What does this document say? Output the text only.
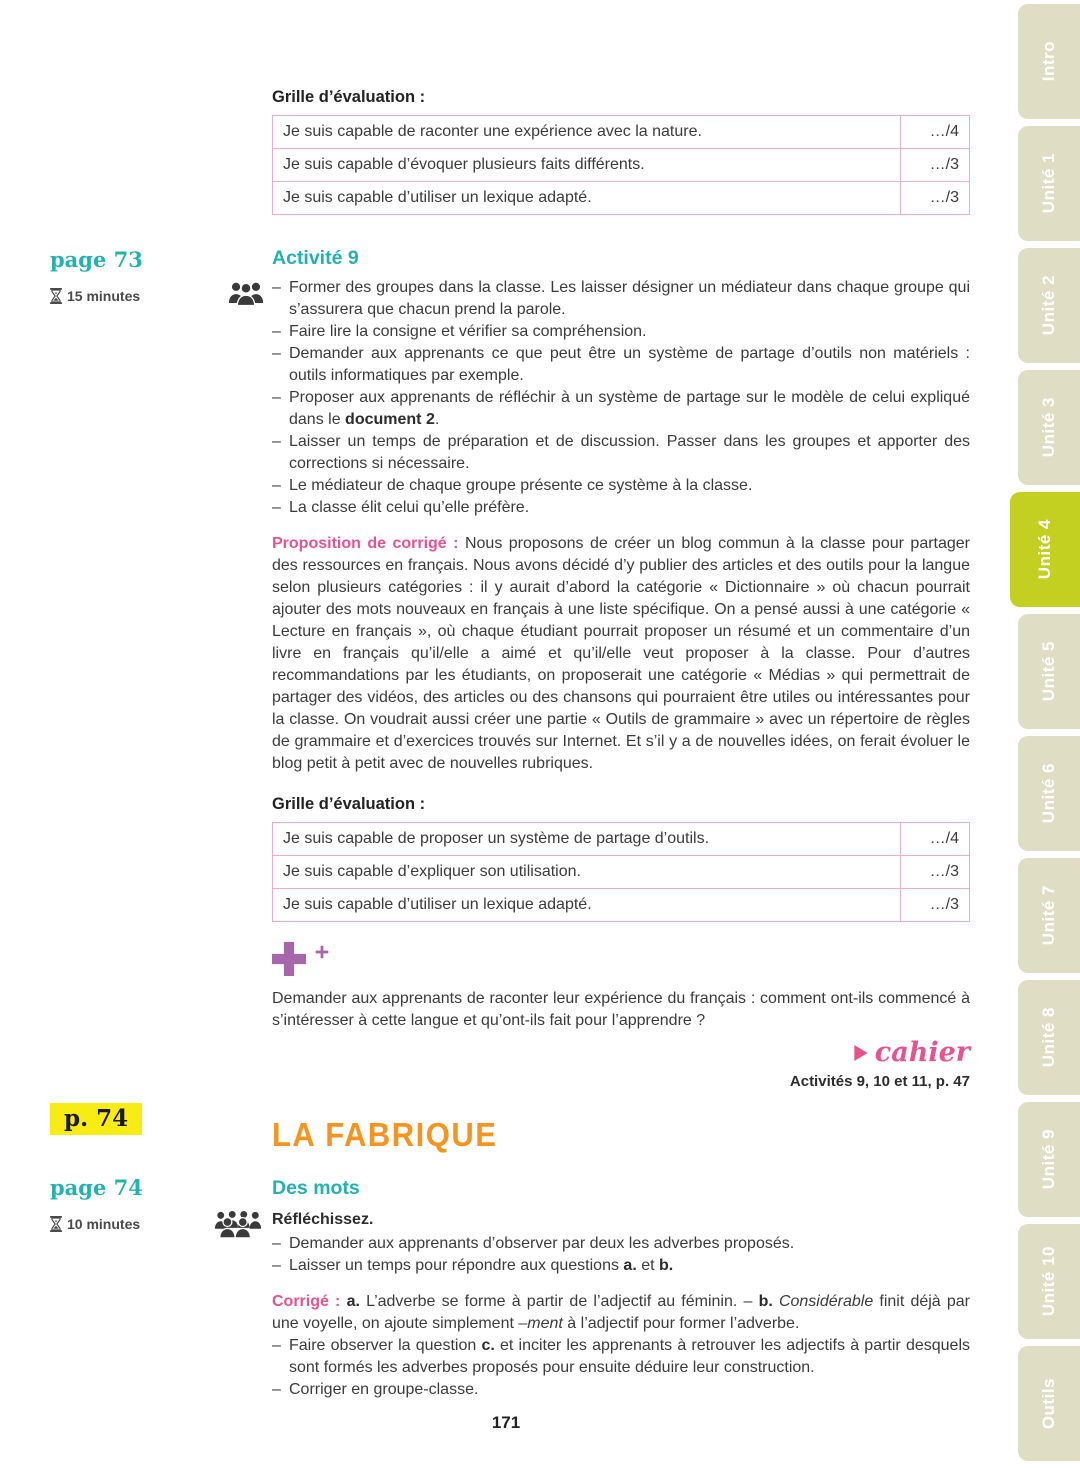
Intro
Unité 1
Unité 2
Unité 3
Unité 4
Unité 5
Unité 6
Unité 7
Unité 8
Unité 9
Unité 10
Outils
Grille d’évaluation :
Je suis capable de raconter une expérience avec la nature.	…/4
Je suis capable d’évoquer plusieurs faits différents.	…/3
Je suis capable d’utiliser un lexique adapté.	…/3
page 73
15 minutes
Activité 9
– Former des groupes dans la classe. Les laisser désigner un médiateur dans chaque groupe qui s’assurera que chacun prend la parole.
– Faire lire la consigne et vérifier sa compréhension.
– Demander aux apprenants ce que peut être un système de partage d’outils non matériels : outils informatiques par exemple.
– Proposer aux apprenants de réfléchir à un système de partage sur le modèle de celui expliqué dans le document 2.
– Laisser un temps de préparation et de discussion. Passer dans les groupes et apporter des corrections si nécessaire.
– Le médiateur de chaque groupe présente ce système à la classe.
– La classe élit celui qu’elle préfère.

Proposition de corrigé : Nous proposons de créer un blog commun à la classe pour partager des ressources en français. Nous avons décidé d’y publier des articles et des outils pour la langue selon plusieurs catégories : il y aurait d’abord la catégorie « Dictionnaire » où chacun pourrait ajouter des mots nouveaux en français à une liste spécifique. On a pensé aussi à une catégorie « Lecture en français », où chaque étudiant pourrait proposer un résumé et un commentaire d’un livre en français qu’il/elle a aimé et qu’il/elle veut proposer à la classe. Pour d’autres recommandations par les étudiants, on proposerait une catégorie « Médias » qui permettrait de partager des vidéos, des articles ou des chansons qui pourraient être utiles ou intéressantes pour la classe. On voudrait aussi créer une partie « Outils de grammaire » avec un répertoire de règles de grammaire et d’exercices trouvés sur Internet. Et s’il y a de nouvelles idées, on ferait évoluer le blog petit à petit avec de nouvelles rubriques.

Grille d’évaluation :
Je suis capable de proposer un système de partage d’outils.	…/4
Je suis capable d’expliquer son utilisation.	…/3
Je suis capable d’utiliser un lexique adapté.	…/3

Demander aux apprenants de raconter leur expérience du français : comment ont-ils commencé à s’intéresser à cette langue et qu’ont-ils fait pour l’apprendre ?

cahier
Activités 9, 10 et 11, p. 47
p. 74	LA FABRIQUE
page 74
10 minutes
Des mots

Réfléchissez.

– Demander aux apprenants d’observer par deux les adverbes proposés.
– Laisser un temps pour répondre aux questions a. et b.

Corrigé : a. L’adverbe se forme à partir de l’adjectif au féminin. – b. Considérable finit déjà par une voyelle, on ajoute simplement –ment à l’adjectif pour former l’adverbe.

– Faire observer la question c. et inciter les apprenants à retrouver les adjectifs à partir desquels sont formés les adverbes proposés pour ensuite déduire leur construction.
– Corriger en groupe-classe.
171
